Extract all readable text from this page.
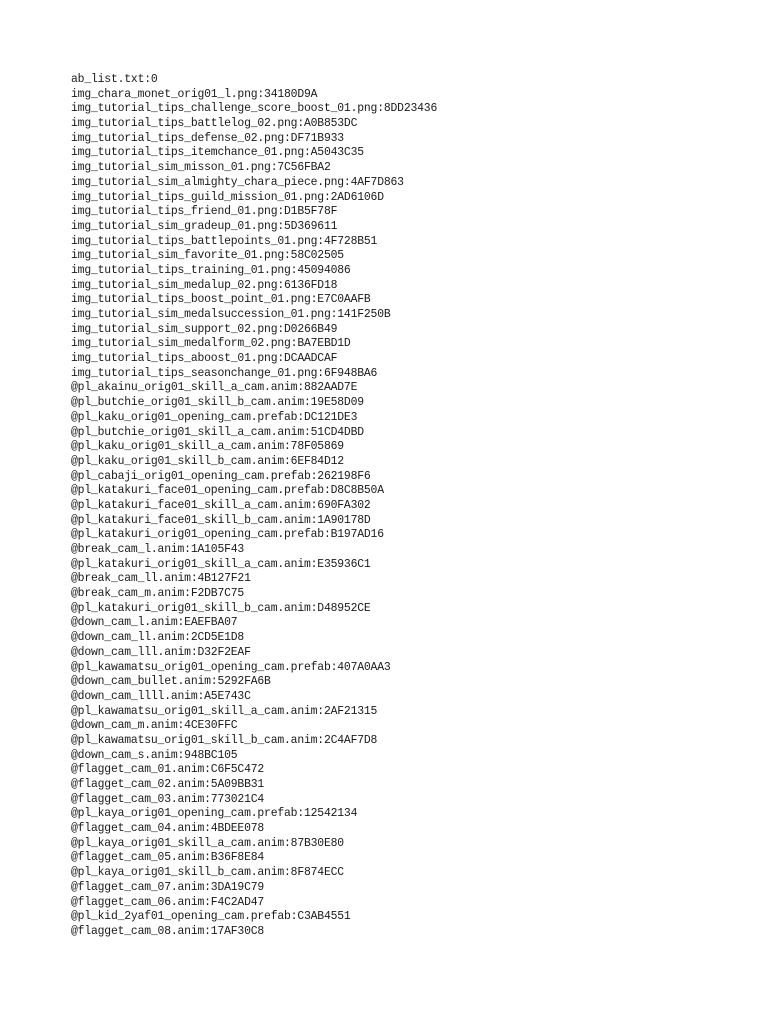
ab_list.txt:0
img_chara_monet_orig01_l.png:34180D9A
img_tutorial_tips_challenge_score_boost_01.png:8DD23436
img_tutorial_tips_battlelog_02.png:A0B853DC
img_tutorial_tips_defense_02.png:DF71B933
img_tutorial_tips_itemchance_01.png:A5043C35
img_tutorial_sim_misson_01.png:7C56FBA2
img_tutorial_sim_almighty_chara_piece.png:4AF7D863
img_tutorial_tips_guild_mission_01.png:2AD6106D
img_tutorial_tips_friend_01.png:D1B5F78F
img_tutorial_sim_gradeup_01.png:5D369611
img_tutorial_tips_battlepoints_01.png:4F728B51
img_tutorial_sim_favorite_01.png:58C02505
img_tutorial_tips_training_01.png:45094086
img_tutorial_sim_medalup_02.png:6136FD18
img_tutorial_tips_boost_point_01.png:E7C0AAFB
img_tutorial_sim_medalsuccession_01.png:141F250B
img_tutorial_sim_support_02.png:D0266B49
img_tutorial_sim_medalform_02.png:BA7EBD1D
img_tutorial_tips_aboost_01.png:DCAADCAF
img_tutorial_tips_seasonchange_01.png:6F948BA6
@pl_akainu_orig01_skill_a_cam.anim:882AAD7E
@pl_butchie_orig01_skill_b_cam.anim:19E58D09
@pl_kaku_orig01_opening_cam.prefab:DC121DE3
@pl_butchie_orig01_skill_a_cam.anim:51CD4DBD
@pl_kaku_orig01_skill_a_cam.anim:78F05869
@pl_kaku_orig01_skill_b_cam.anim:6EF84D12
@pl_cabaji_orig01_opening_cam.prefab:262198F6
@pl_katakuri_face01_opening_cam.prefab:D8C8B50A
@pl_katakuri_face01_skill_a_cam.anim:690FA302
@pl_katakuri_face01_skill_b_cam.anim:1A90178D
@pl_katakuri_orig01_opening_cam.prefab:B197AD16
@break_cam_l.anim:1A105F43
@pl_katakuri_orig01_skill_a_cam.anim:E35936C1
@break_cam_ll.anim:4B127F21
@break_cam_m.anim:F2DB7C75
@pl_katakuri_orig01_skill_b_cam.anim:D48952CE
@down_cam_l.anim:EAEFBA07
@down_cam_ll.anim:2CD5E1D8
@down_cam_lll.anim:D32F2EAF
@pl_kawamatsu_orig01_opening_cam.prefab:407A0AA3
@down_cam_bullet.anim:5292FA6B
@down_cam_llll.anim:A5E743C
@pl_kawamatsu_orig01_skill_a_cam.anim:2AF21315
@down_cam_m.anim:4CE30FFC
@pl_kawamatsu_orig01_skill_b_cam.anim:2C4AF7D8
@down_cam_s.anim:948BC105
@flagget_cam_01.anim:C6F5C472
@flagget_cam_02.anim:5A09BB31
@flagget_cam_03.anim:773021C4
@pl_kaya_orig01_opening_cam.prefab:12542134
@flagget_cam_04.anim:4BDEE078
@pl_kaya_orig01_skill_a_cam.anim:87B30E80
@flagget_cam_05.anim:B36F8E84
@pl_kaya_orig01_skill_b_cam.anim:8F874ECC
@flagget_cam_07.anim:3DA19C79
@flagget_cam_06.anim:F4C2AD47
@pl_kid_2yaf01_opening_cam.prefab:C3AB4551
@flagget_cam_08.anim:17AF30C8
